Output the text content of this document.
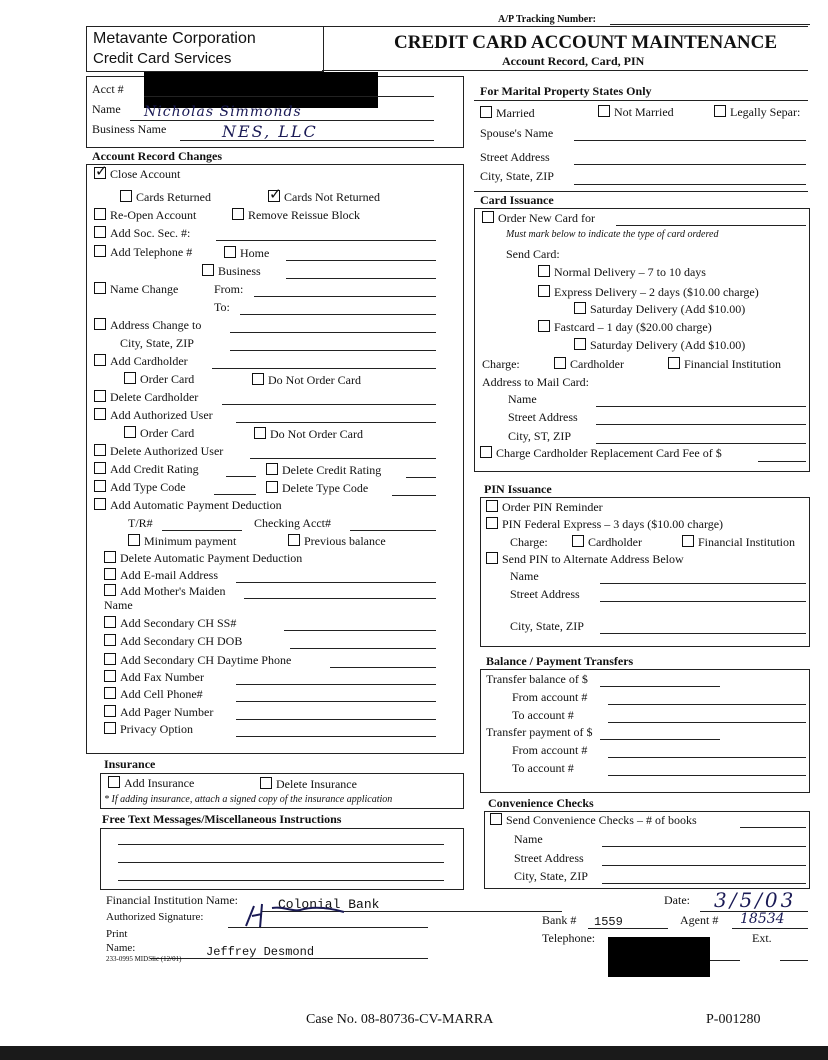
A/P Tracking Number:
Metavante Corporation
Credit Card Services
CREDIT CARD ACCOUNT MAINTENANCE
Account Record, Card, PIN
Acct #
Name Nicholas Simmonds
Business Name	NES, LLC
Account Record Changes
✓Close Account
Cards Returned ✓	Cards Not Returned
Re-Open Account	Remove Reissue Block
Add Soc. Sec. #:
Add Telephone #	Home
Business
Name Change	From:
To:
Address Change to
City, State, ZIP
Add Cardholder
Order Card	Do Not Order Card
Delete Cardholder
Add Authorized User
Order Card	Do Not Order Card
Delete Authorized User
Add Credit Rating	Delete Credit Rating
Add Type Code	Delete Type Code
Add Automatic Payment Deduction
T/R#	Checking Acct#
Minimum payment	Previous balance
Delete Automatic Payment Deduction
Add E-mail Address
Add Mother's Maiden
Name
Add Secondary CH SS#
Add Secondary CH DOB
Add Secondary CH Daytime Phone
Add Fax Number
Add Cell Phone#
Add Pager Number
Privacy Option
Insurance
Add Insurance	Delete Insurance
* If adding insurance, attach a signed copy of the insurance application
Free Text Messages/Miscellaneous Instructions
For Marital Property States Only
Married	Not Married	Legally Separ:
Spouse's Name
Street Address
City, State, ZIP
Card Issuance
Order New Card for
Must mark below to indicate the type of card ordered
Send Card:
Normal Delivery – 7 to 10 days
Express Delivery – 2 days ($10.00 charge)
Saturday Delivery (Add $10.00)
Fastcard – 1 day ($20.00 charge)
Saturday Delivery (Add $10.00)
Charge:	Cardholder	Financial Institution
Address to Mail Card:
Name
Street Address
City, ST, ZIP
Charge Cardholder Replacement Card Fee of $
PIN Issuance
Order PIN Reminder
PIN Federal Express – 3 days ($10.00 charge)
Charge:	Cardholder	Financial Institution
Send PIN to Alternate Address Below
Name
Street Address
City, State, ZIP
Balance / Payment Transfers
Transfer balance of $
From account #
To account #
Transfer payment of $
From account #
To account #
Convenience Checks
Send Convenience Checks – # of books
Name
Street Address
City, State, ZIP
Financial Institution Name:	Colonial Bank	Date: 3/5/03
Authorized Signature:	Bank # 1559	Agent # 18534
Print
Name:	Jeffrey Desmond
233-0995 MIDSlic (12/01)
Telephone:	Ext.
Case No. 08-80736-CV-MARRA	P-001280
